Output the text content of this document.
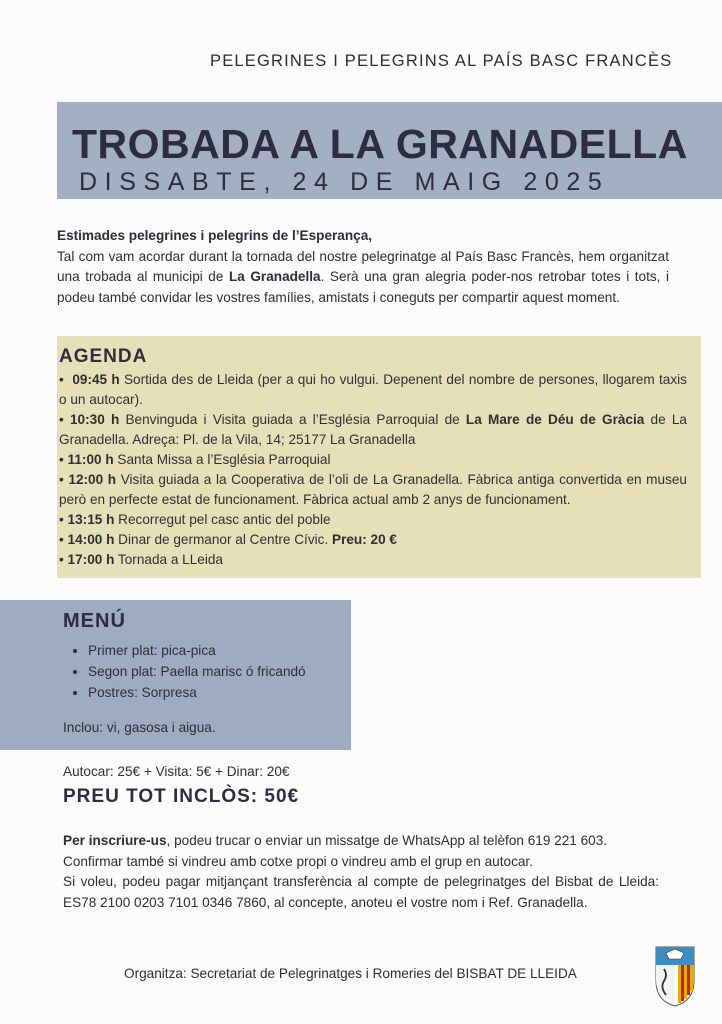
PELEGRINES I PELEGRINS AL PAÍS BASC FRANCÈS
TROBADA A LA GRANADELLA
DISSABTE, 24 DE MAIG 2025

Estimades pelegrines i pelegrins de l’Esperança,

Tal com vam acordar durant la tornada del nostre pelegrinatge al País Basc Francès, hem organitzat una trobada al municipi de La Granadella. Serà una gran alegria poder-nos retrobar totes i tots, i podeu també convidar les vostres famílies, amistats i coneguts per compartir aquest moment.

AGENDA

•  09:45 h Sortida des de Lleida (per a qui ho vulgui. Depenent del nombre de persones, llogarem taxis o un autocar).

• 10:30 h Benvinguda i Visita guiada a l’Església Parroquial de La Mare de Déu de Gràcia de La Granadella. Adreça: Pl. de la Vila, 14; 25177 La Granadella

• 11:00 h Santa Missa a l’Església Parroquial

• 12:00 h Visita guiada a la Cooperativa de l’oli de La Granadella. Fàbrica antiga convertida en museu però en perfecte estat de funcionament. Fàbrica actual amb 2 anys de funcionament.

• 13:15 h Recorregut pel casc antic del poble

• 14:00 h Dinar de germanor al Centre Cívic. Preu: 20 €

• 17:00 h Tornada a LLeida

MENÚ
• Primer plat: pica-pica
• Segon plat: Paella marisc ó fricandó
• Postres: Sorpresa
Inclou: vi, gasosa i aigua.
Autocar: 25€ + Visita: 5€ + Dinar: 20€
PREU TOT INCLÒS: 50€

Per inscriure-us, podeu trucar o enviar un missatge de WhatsApp al telèfon 619 221 603.

Confirmar també si vindreu amb cotxe propi o vindreu amb el grup en autocar.

Si voleu, podeu pagar mitjançant transferència al compte de pelegrinatges del Bisbat de Lleida: ES78 2100 0203 7101 0346 7860, al concepte, anoteu el vostre nom i Ref. Granadella.

Organitza: Secretariat de Pelegrinatges i Romeries del BISBAT DE LLEIDA
